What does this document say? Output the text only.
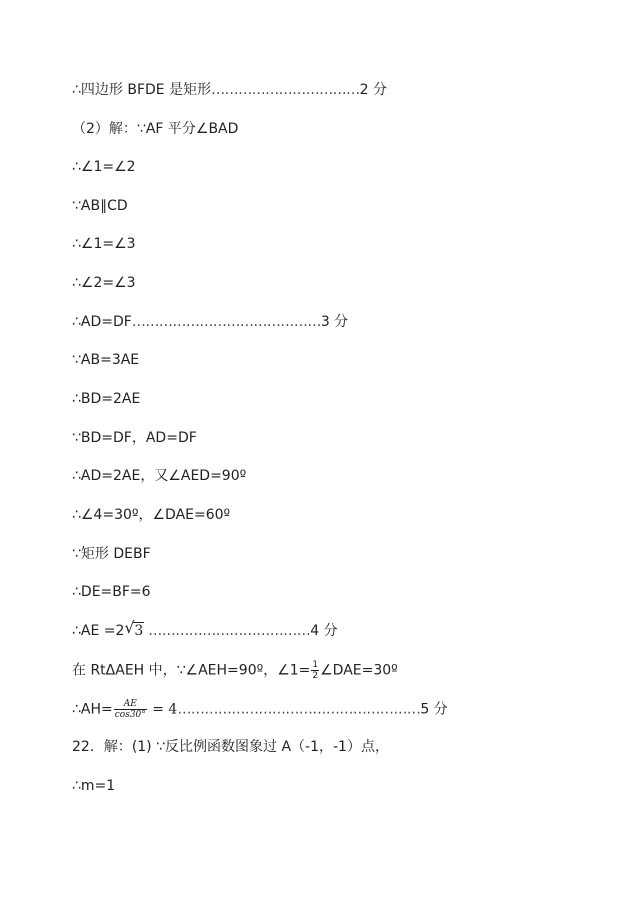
∴四边形 BFDE 是矩形……………………………2 分
（2）解：∵AF 平分∠BAD
∴∠1=∠2
∵AB∥CD
∴∠1=∠3
∴∠2=∠3
∴AD=DF……………………………………3 分
∵AB=3AE
∴BD=2AE
∵BD=DF，AD=DF
∴AD=2AE，又∠AED=90º
∴∠4=30º，∠DAE=60º
∵矩形 DEBF
∴DE=BF=6
∴AE =2 √ 3 ………………………………4 分
在 RtΔAEH 中，∵∠AEH=90º，∠1= $\frac{1}{2}$ ∠DAE=30º
∴AH= $\frac{AE}{\cos 30^\circ}$ = 4………………………………………………5 分
22．解：(1) ∵反比例函数图象过 A（-1，-1）点，
∴m=1
